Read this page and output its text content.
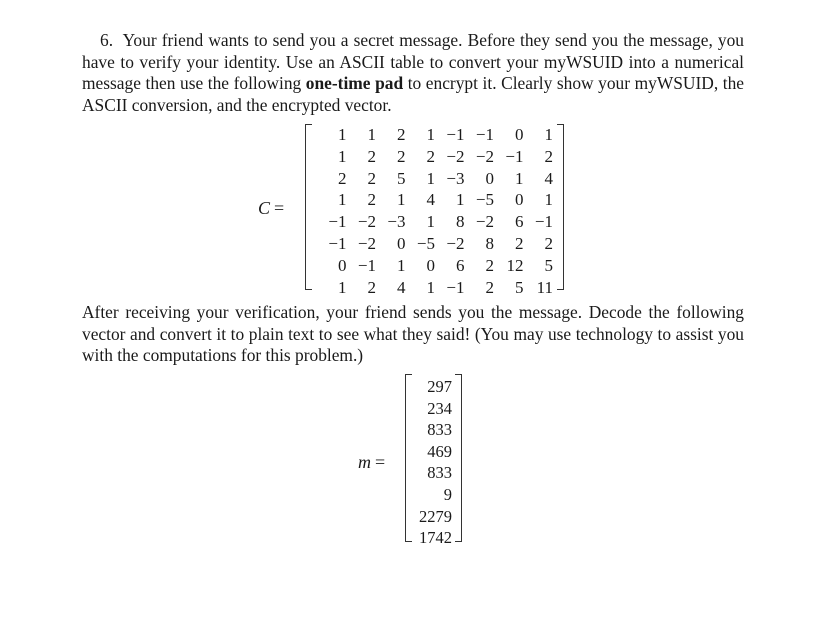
6. Your friend wants to send you a secret message. Before they send you the message, you have to verify your identity. Use an ASCII table to convert your myWSUID into a numerical message then use the following one-time pad to encrypt it. Clearly show your myWSUID, the ASCII conversion, and the encrypted vector.
C =
1	1	2	1	−1	−1	0	1
1	2	2	2	−2	−2	−1	2
2	2	5	1	−3	0	1	4
1	2	1	4	1	−5	0	1
−1	−2	−3	1	8	−2	6	−1
−1	−2	0	−5	−2	8	2	2
0	−1	1	0	6	2	12	5
1	2	4	1	−1	2	5	11
After receiving your verification, your friend sends you the message. Decode the following vector and convert it to plain text to see what they said! (You may use technology to assist you with the computations for this problem.)
m =
297
234
833
469
833
9
2279
1742
